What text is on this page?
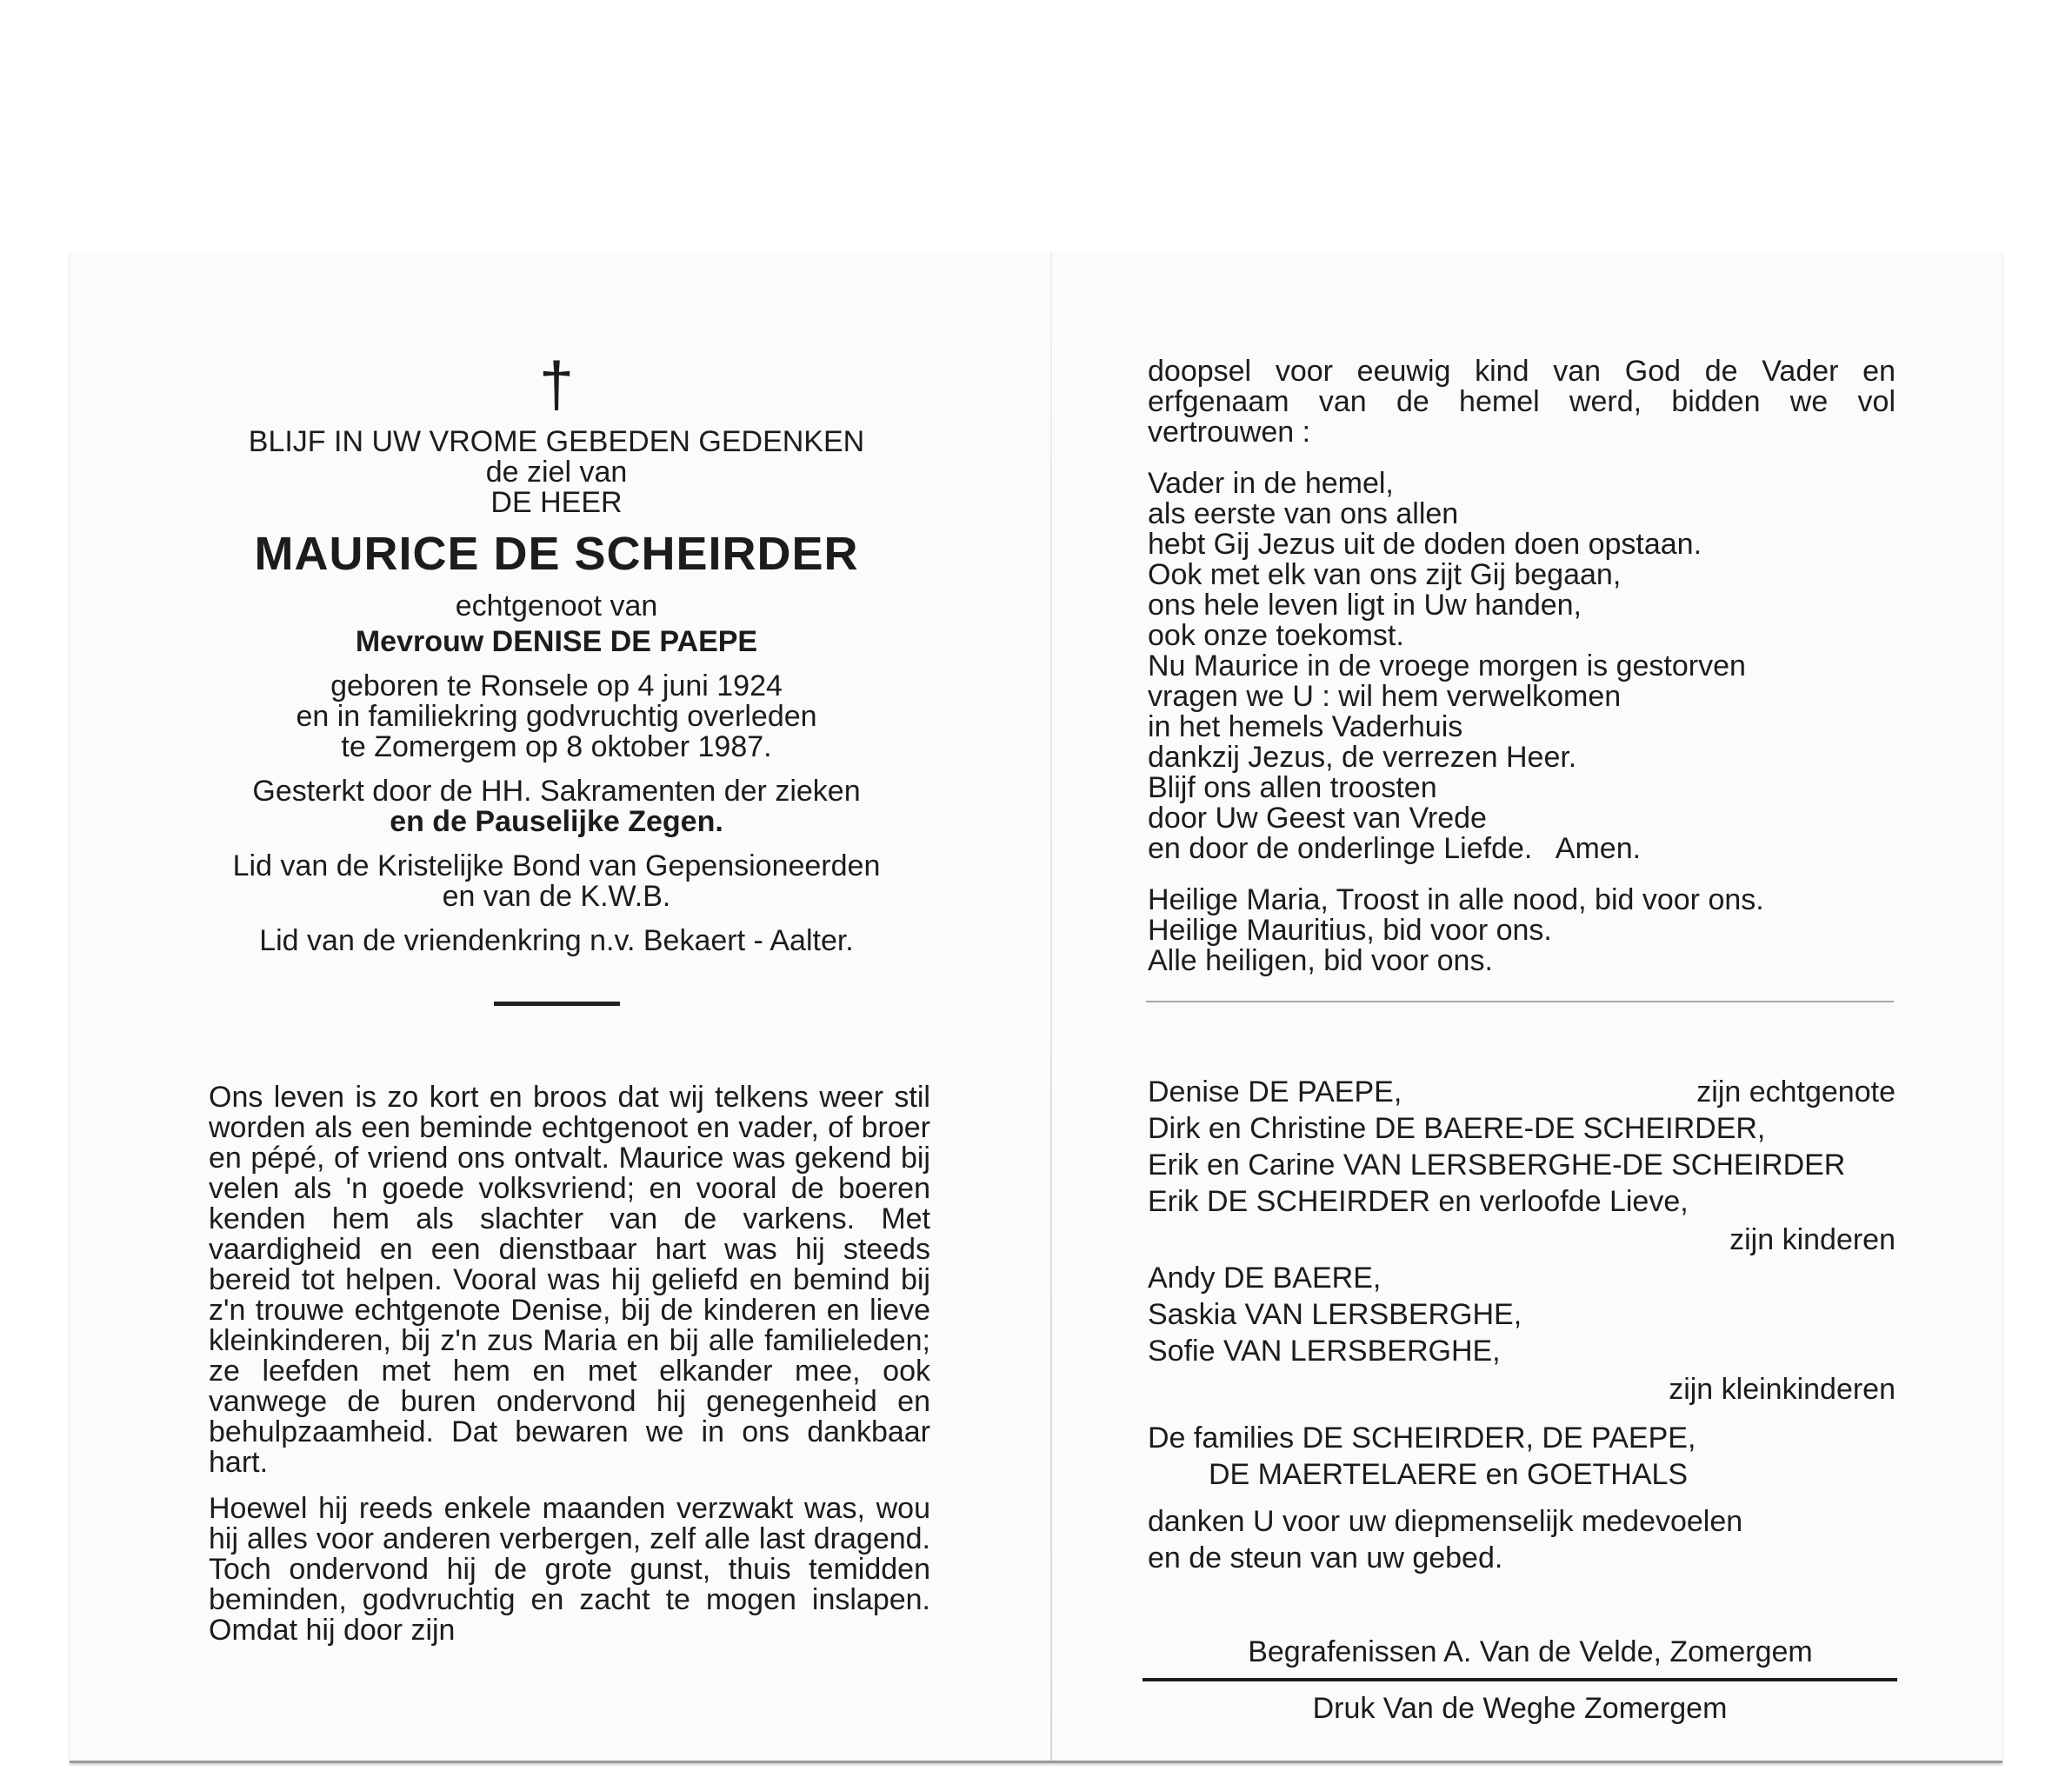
†
BLIJF IN UW VROME GEBEDEN GEDENKEN
de ziel van
DE HEER
MAURICE DE SCHEIRDER
echtgenoot van
Mevrouw DENISE DE PAEPE
geboren te Ronsele op 4 juni 1924
en in familiekring godvruchtig overleden
te Zomergem op 8 oktober 1987.
Gesterkt door de HH. Sakramenten der zieken
en de Pauselijke Zegen.
Lid van de Kristelijke Bond van Gepensioneerden
en van de K.W.B.
Lid van de vriendenkring n.v. Bekaert - Aalter.

Ons leven is zo kort en broos dat wij telkens weer stil worden als een beminde echtgenoot en vader, of broer en pépé, of vriend ons ontvalt. Maurice was gekend bij velen als 'n goede volksvriend; en vooral de boeren kenden hem als slachter van de varkens. Met vaardigheid en een dienstbaar hart was hij steeds bereid tot helpen. Vooral was hij geliefd en bemind bij z'n trouwe echtgenote Denise, bij de kinderen en lieve kleinkinderen, bij z'n zus Maria en bij alle familieleden; ze leefden met hem en met elkander mee, ook vanwege de buren ondervond hij genegenheid en behulpzaamheid. Dat bewaren we in ons dankbaar hart.

Hoewel hij reeds enkele maanden verzwakt was, wou hij alles voor anderen verbergen, zelf alle last dragend. Toch ondervond hij de grote gunst, thuis temidden beminden, godvruchtig en zacht te mogen inslapen. Omdat hij door zijn

doopsel voor eeuwig kind van God de Vader en erfgenaam van de hemel werd, bidden we vol vertrouwen :

Vader in de hemel,

als eerste van ons allen

hebt Gij Jezus uit de doden doen opstaan.

Ook met elk van ons zijt Gij begaan,

ons hele leven ligt in Uw handen,

ook onze toekomst.

Nu Maurice in de vroege morgen is gestorven

vragen we U : wil hem verwelkomen

in het hemels Vaderhuis

dankzij Jezus, de verrezen Heer.

Blijf ons allen troosten

door Uw Geest van Vrede

en door de onderlinge Liefde.   Amen.

Heilige Maria, Troost in alle nood, bid voor ons.

Heilige Mauritius, bid voor ons.

Alle heiligen, bid voor ons.

Denise DE PAEPE,	zijn echtgenote
Dirk en Christine DE BAERE-DE SCHEIRDER,
Erik en Carine VAN LERSBERGHE-DE SCHEIRDER
Erik DE SCHEIRDER en verloofde Lieve,
zijn kinderen
Andy DE BAERE,
Saskia VAN LERSBERGHE,
Sofie VAN LERSBERGHE,
zijn kleinkinderen
De families DE SCHEIRDER, DE PAEPE,
DE MAERTELAERE en GOETHALS
danken U voor uw diepmenselijk medevoelen
en de steun van uw gebed.
Begrafenissen A. Van de Velde, Zomergem
Druk Van de Weghe Zomergem
